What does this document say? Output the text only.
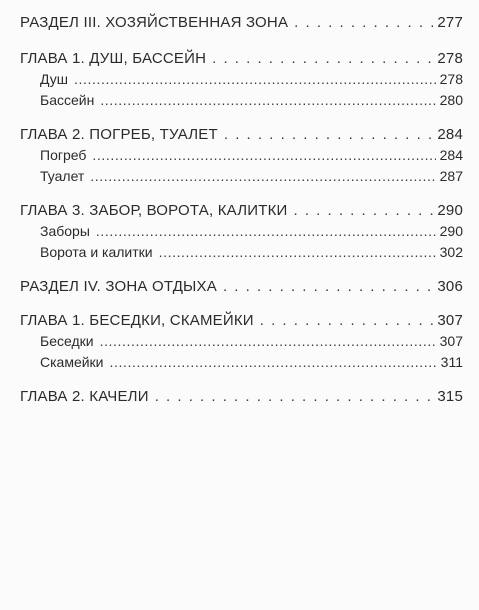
РАЗДЕЛ III. ХОЗЯЙСТВЕННАЯ ЗОНА . . .	277
ГЛАВА 1. ДУШ, БАССЕЙН . . .	278
Душ .....	278
Бассейн .....	280
ГЛАВА 2. ПОГРЕБ, ТУАЛЕТ . . .	284
Погреб .....	284
Туалет .....	287
ГЛАВА 3. ЗАБОР, ВОРОТА, КАЛИТКИ . . .	290
Заборы .....	290
Ворота и калитки .....	302
РАЗДЕЛ IV. ЗОНА ОТДЫХА . . .	306
ГЛАВА 1. БЕСЕДКИ, СКАМЕЙКИ . . .	307
Беседки .....	307
Скамейки .....	311
ГЛАВА 2. КАЧЕЛИ . . .	315
